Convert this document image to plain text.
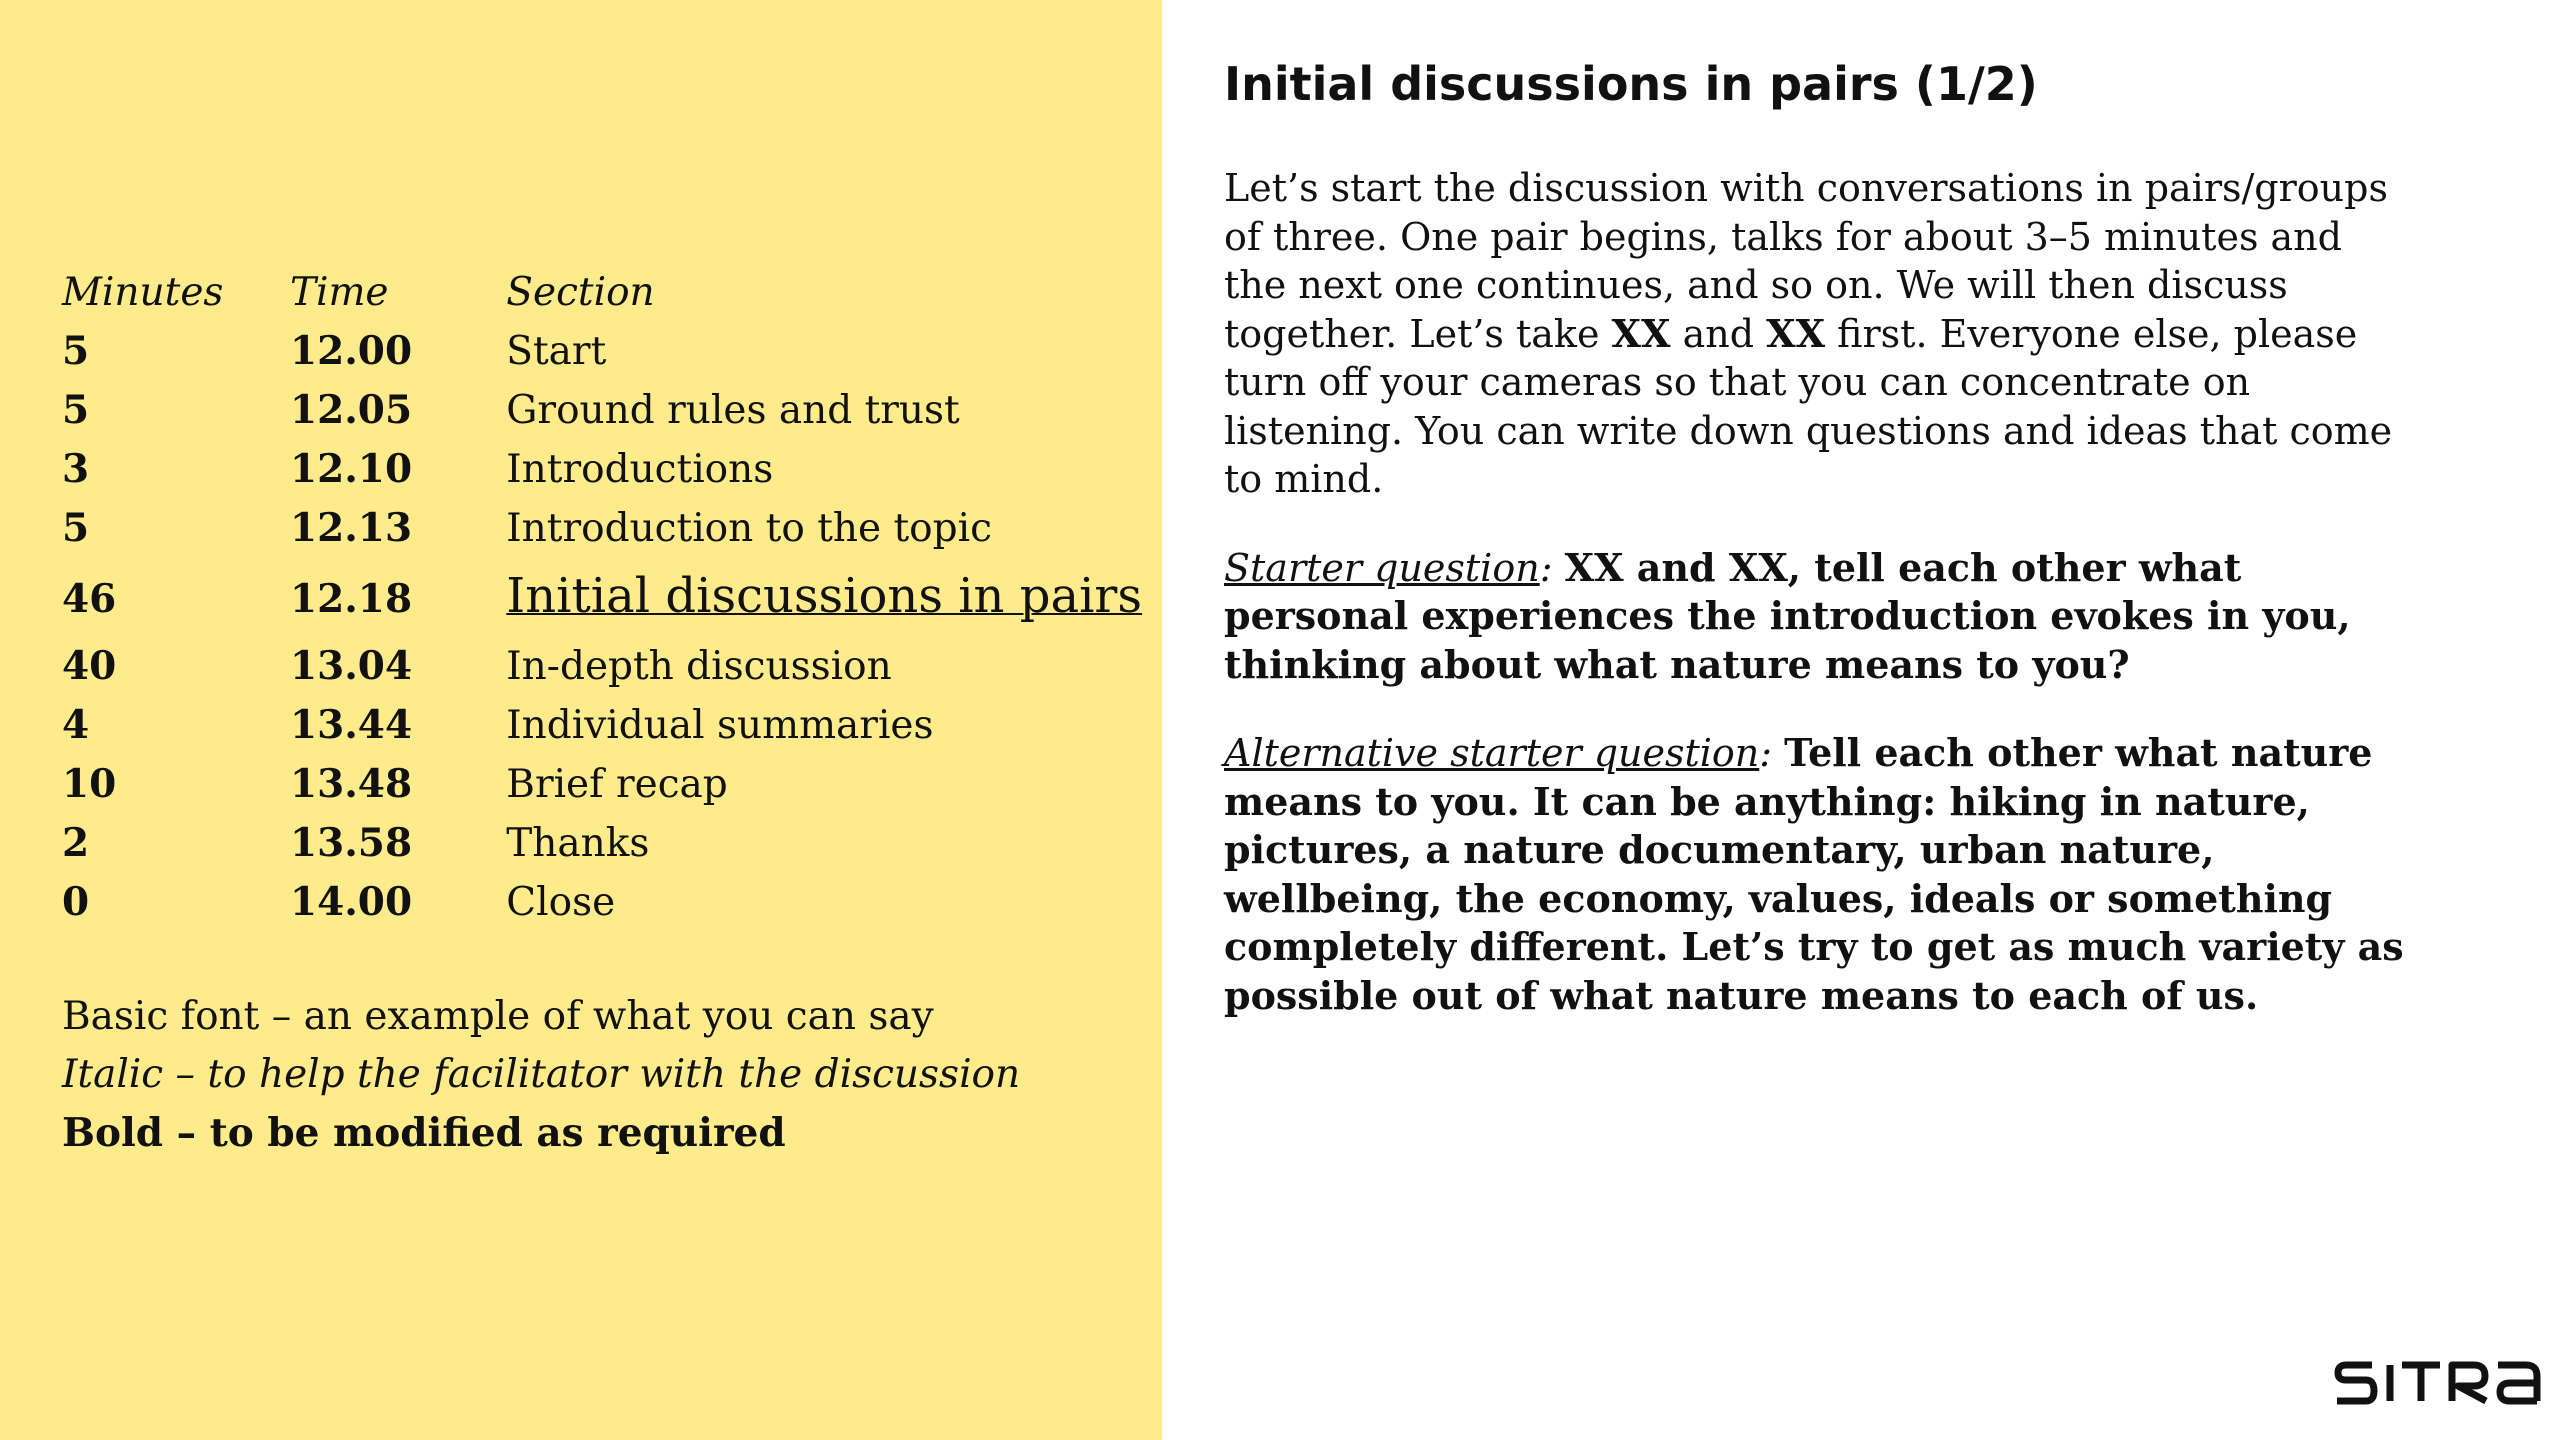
Minutes	Time	Section
5	12.00	Start
5	12.05	Ground rules and trust
3	12.10	Introductions
5	12.13	Introduction to the topic
46	12.18	Initial discussions in pairs
40	13.04	In-depth discussion
4	13.44	Individual summaries
10	13.48	Brief recap
2	13.58	Thanks
0	14.00	Close
Basic font – an example of what you can say
Italic – to help the facilitator with the discussion
Bold – to be modified as required
Initial discussions in pairs (1/2)

Let’s start the discussion with conversations in pairs/groups of three. One pair begins, talks for about 3–5 minutes and the next one continues, and so on. We will then discuss together. Let’s take XX and XX first. Everyone else, please turn off your cameras so that you can concentrate on listening. You can write down questions and ideas that come to mind.

Starter question: XX and XX, tell each other what personal experiences the introduction evokes in you, thinking about what nature means to you?

Alternative starter question: Tell each other what nature means to you. It can be anything: hiking in nature, pictures, a nature documentary, urban nature, wellbeing, the economy, values, ideals or something completely different. Let’s try to get as much variety as possible out of what nature means to each of us.
